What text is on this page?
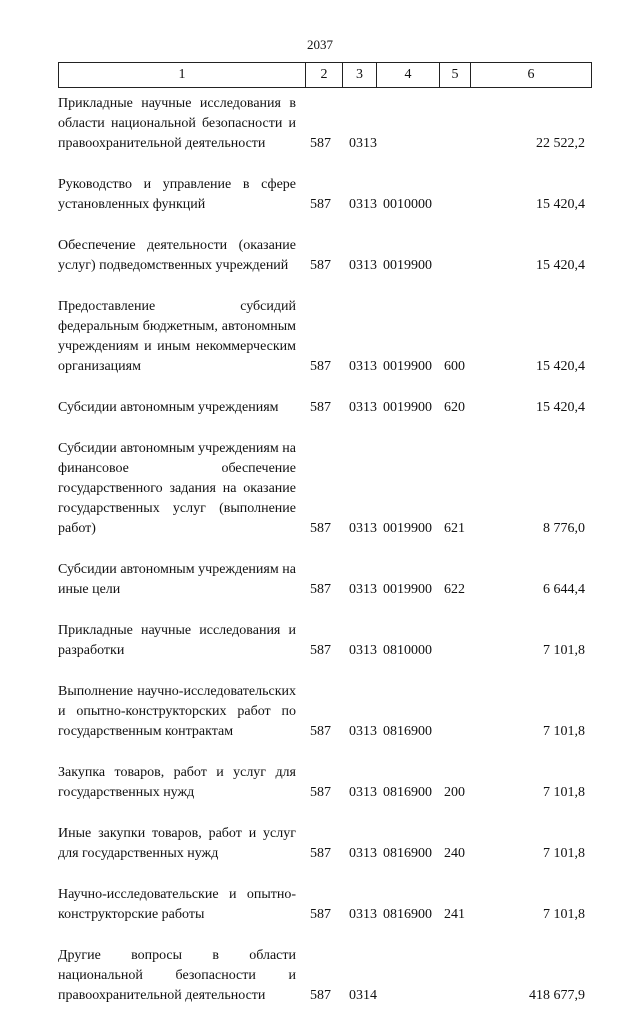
2037
1	2	3	4	5	6
Прикладные научные исследования в области национальной безопасности и правоохранительной деятельности	587 0313	22 522,2
Руководство и управление в сфере установленных функций	587 0313 0010000	15 420,4
Обеспечение деятельности (оказание услуг) подведомственных учреждений	587 0313 0019900	15 420,4
Предоставление субсидий федеральным бюджетным, автономным учреждениям и иным некоммерческим организациям	587 0313 0019900 600	15 420,4
Субсидии автономным учреждениям	587 0313 0019900 620	15 420,4
Субсидии автономным учреждениям на финансовое обеспечение государственного задания на оказание государственных услуг (выполнение работ)	587 0313 0019900 621	8 776,0
Субсидии автономным учреждениям на иные цели	587 0313 0019900 622	6 644,4
Прикладные научные исследования и разработки	587 0313 0810000	7 101,8
Выполнение научно-исследовательских и опытно-конструкторских работ по государственным контрактам	587 0313 0816900	7 101,8
Закупка товаров, работ и услуг для государственных нужд	587 0313 0816900 200	7 101,8
Иные закупки товаров, работ и услуг для государственных нужд	587 0313 0816900 240	7 101,8
Научно-исследовательские и опытно-конструкторские работы	587 0313 0816900 241	7 101,8
Другие вопросы в области национальной безопасности и правоохранительной деятельности	587 0314	418 677,9
